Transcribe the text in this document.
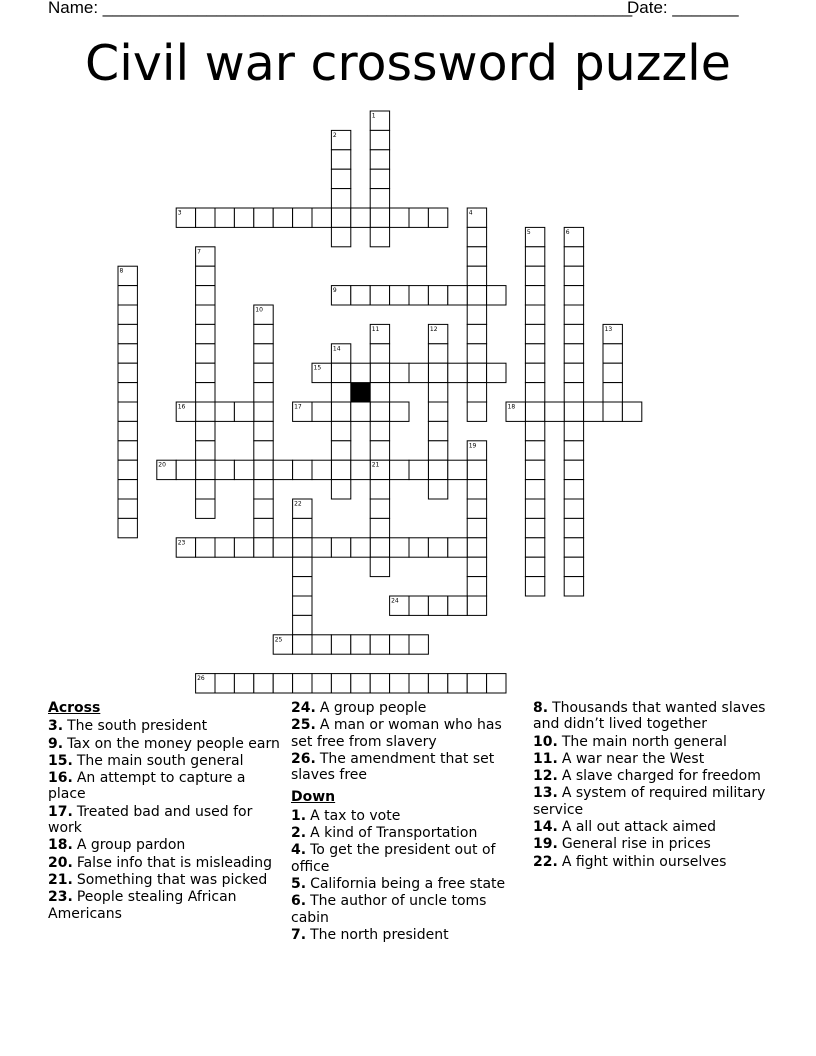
Name: ________________________________________________________
Date: _______
Civil war crossword puzzle
1
2
3	4
5	6
7
8
9
10
11	12	13
14
15
16	17	18
19
20	21
22
23
24
25
26
Across
3. The south president
9. Tax on the money people earn
15. The main south general
16. An attempt to capture a place
17. Treated bad and used for work
18. A group pardon
20. False info that is misleading
21. Something that was picked
23. People stealing African Americans
24. A group people
25. A man or woman who has set free from slavery
26. The amendment that set slaves free
Down
1. A tax to vote
2. A kind of Transportation
4. To get the president out of office
5. California being a free state
6. The author of uncle toms cabin
7. The north president
8. Thousands that wanted slaves and didn’t lived together
10. The main north general
11. A war near the West
12. A slave charged for freedom
13. A system of required military service
14. A all out attack aimed
19. General rise in prices
22. A fight within ourselves
